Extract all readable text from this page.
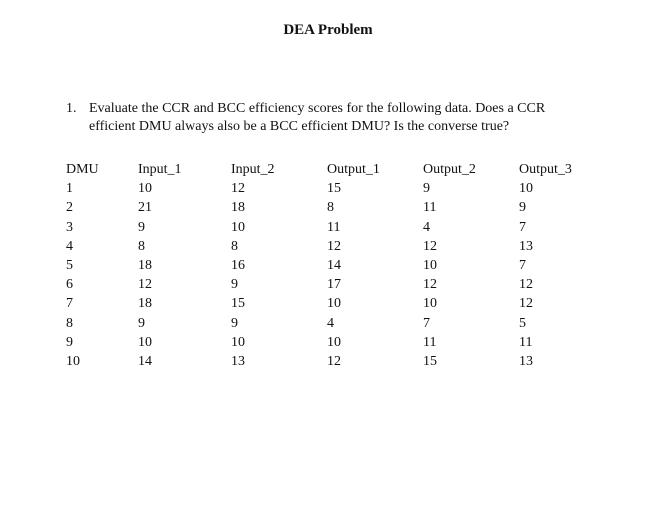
DEA Problem
1. Evaluate the CCR and BCC efficiency scores for the following data. Does a CCR
efficient DMU always also be a BCC efficient DMU? Is the converse true?
DMU	Input_1	Input_2	Output_1	Output_2	Output_3
1	10	12	15	9	10
2	21	18	8	11	9
3	9	10	11	4	7
4	8	8	12	12	13
5	18	16	14	10	7
6	12	9	17	12	12
7	18	15	10	10	12
8	9	9	4	7	5
9	10	10	10	11	11
10	14	13	12	15	13
